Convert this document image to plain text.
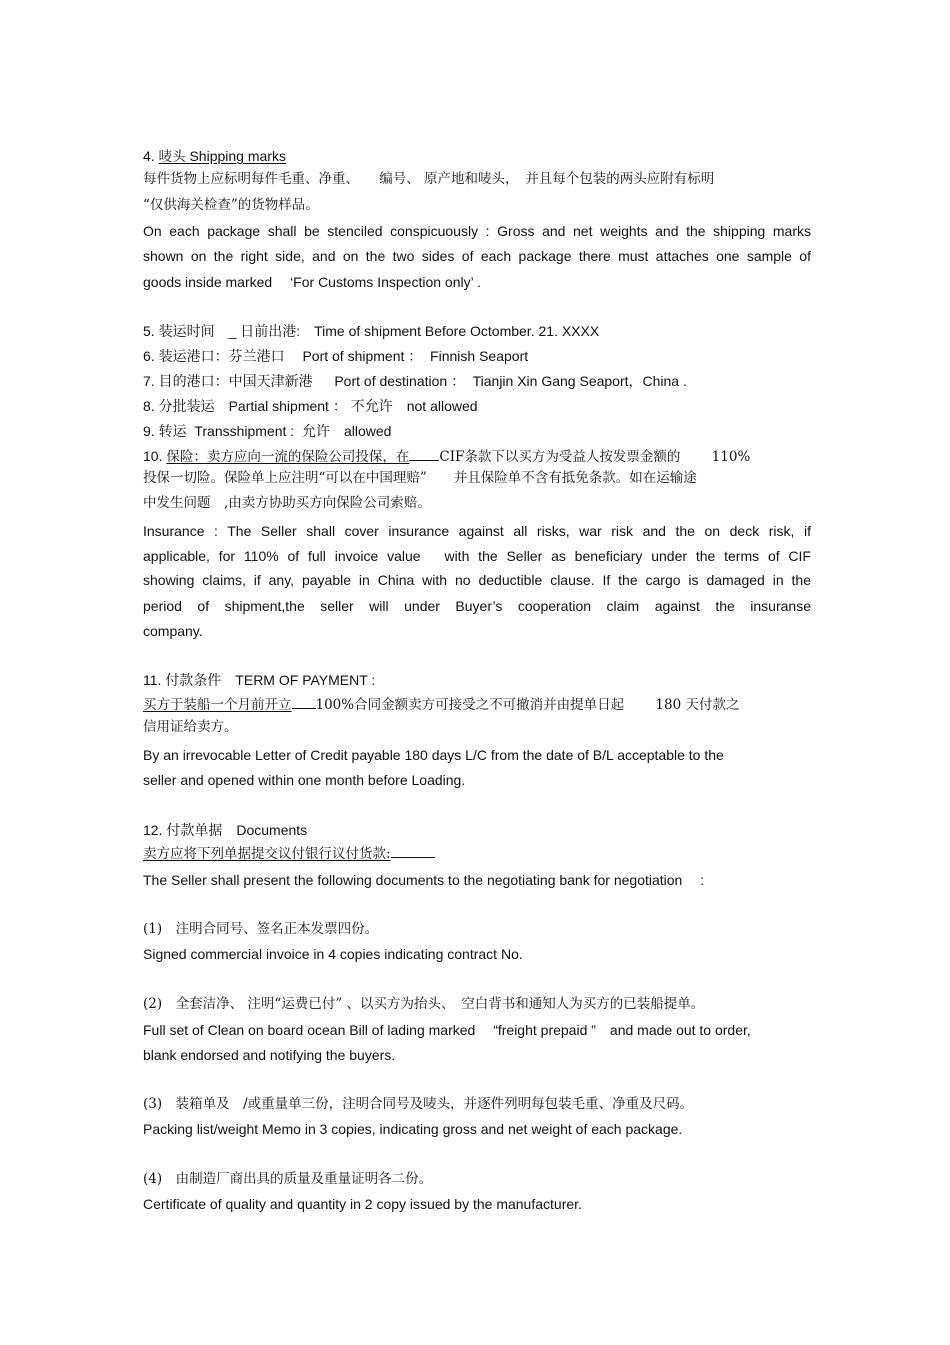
4. 唛头 Shipping marks
每件货物上应标明每件毛重、净重、　　编号、 原产地和唛头，　并且每个包装的两头应附有标明
“仅供海关检查”的货物样品。
On each package shall be stenciled conspicuously : Gross and net weights and the shipping marks
shown on the right side, and on the two sides of each package there must attaches one sample of
goods inside marked　 ‘For Customs Inspection only’ .
5. 装运时间　_ 日前出港:　Time of shipment Before Octomber. 21. XXXX
6. 装运港口：芬兰港口　 Port of shipment ：  Finnish Seaport
7. 目的港口：中国天津新港　  Port of destination ：  Tianjin Xin Gang Seaport，China .
8. 分批装运　Partial shipment ： 不允许　not allowed
9. 转运  Transshipment :  允许　allowed
10. 保险：卖方应向一流的保险公司投保，在 CIF条款下以买方为受益人按发票金额的　　 110%
投保一切险。保险单上应注明“可以在中国理赔”　　并且保险单不含有抵免条款。如在运输途
中发生问题　,由卖方协助买方向保险公司索赔。
Insurance : The Seller shall cover insurance against all risks, war risk and the on deck risk, if
applicable, for 110% of full invoice value　with the Seller as beneficiary under the terms of CIF
showing claims, if any, payable in China with no deductible clause. If the cargo is damaged in the
period of shipment,the seller will under Buyer’s cooperation claim against the insuranse
company.
11. 付款条件　TERM OF PAYMENT :
买方于装船一个月前开立 100%合同金额卖方可接受之不可撤消并由提单日起　　 180 天付款之
信用证给卖方。
By an irrevocable Letter of Credit payable 180 days L/C from the date of B/L acceptable to the
seller and opened within one month before Loading.
12. 付款单据　Documents
卖方应将下列单据提交议付银行议付货款:
The Seller shall present the following documents to the negotiating bank for negotiation　 :
(1)　注明合同号、签名正本发票四份。
Signed commercial invoice in 4 copies indicating contract No.
(2)　全套洁净、 注明“运费已付” 、以买方为抬头、　空白背书和通知人为买方的已装船提单。
Full set of Clean on board ocean Bill of lading marked　 “freight prepaid ”　and made out to order,
blank endorsed and notifying the buyers.
(3)　装箱单及　/或重量单三份，注明合同号及唛头，并逐件列明每包装毛重、净重及尺码。
Packing list/weight Memo in 3 copies, indicating gross and net weight of each package.
(4)　由制造厂商出具的质量及重量证明各二份。
Certificate of quality and quantity in 2 copy issued by the manufacturer.
